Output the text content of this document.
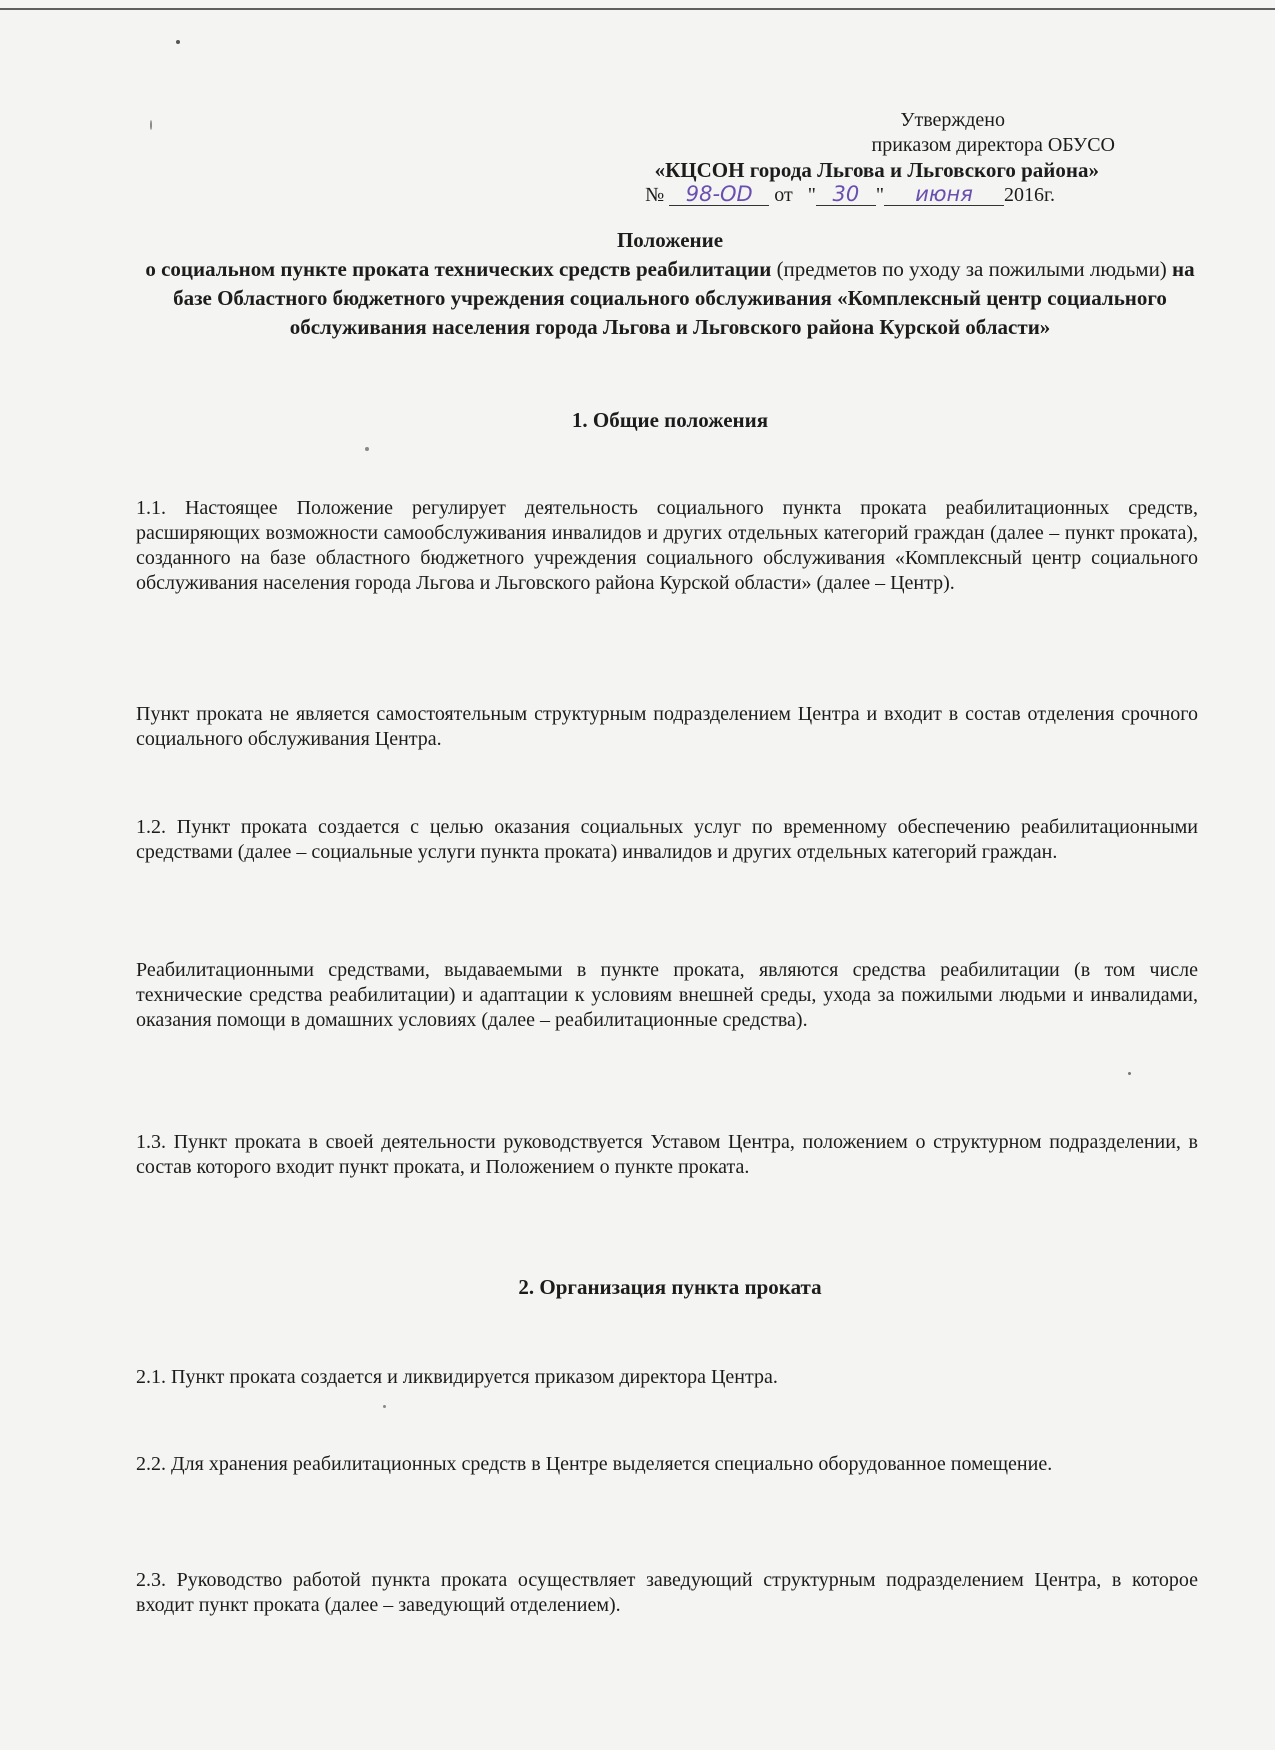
Утверждено
приказом директора ОБУСО
«КЦСОН города Льгова и Льговского района»
№ 98-OD от   " 30 " июня 2016г.
Положение
о социальном пункте проката технических средств реабилитации (предметов по уходу за пожилыми людьми) на базе Областного бюджетного учреждения социального обслуживания «Комплексный центр социального обслуживания населения города Льгова и Льговского района Курской области»
1. Общие положения
1.1. Настоящее Положение регулирует деятельность социального пункта проката реабилитационных средств, расширяющих возможности самообслуживания инвалидов и других отдельных категорий граждан (далее – пункт проката), созданного на базе областного бюджетного учреждения социального обслуживания «Комплексный центр социального обслуживания населения города Льгова и Льговского района Курской области» (далее – Центр).
Пункт проката не является самостоятельным структурным подразделением Центра и входит в состав отделения срочного социального обслуживания Центра.
1.2. Пункт проката создается с целью оказания социальных услуг по временному обеспечению реабилитационными средствами (далее – социальные услуги пункта проката) инвалидов и других отдельных категорий граждан.
Реабилитационными средствами, выдаваемыми в пункте проката, являются средства реабилитации (в том числе технические средства реабилитации) и адаптации к условиям внешней среды, ухода за пожилыми людьми и инвалидами, оказания помощи в домашних условиях (далее – реабилитационные средства).
1.3. Пункт проката в своей деятельности руководствуется Уставом Центра, положением о структурном подразделении, в состав которого входит пункт проката, и Положением о пункте проката.
2. Организация пункта проката
2.1. Пункт проката создается и ликвидируется приказом директора Центра.
2.2. Для хранения реабилитационных средств в Центре выделяется специально оборудованное помещение.
2.3. Руководство работой пункта проката осуществляет заведующий структурным подразделением Центра, в которое входит пункт проката (далее – заведующий отделением).
